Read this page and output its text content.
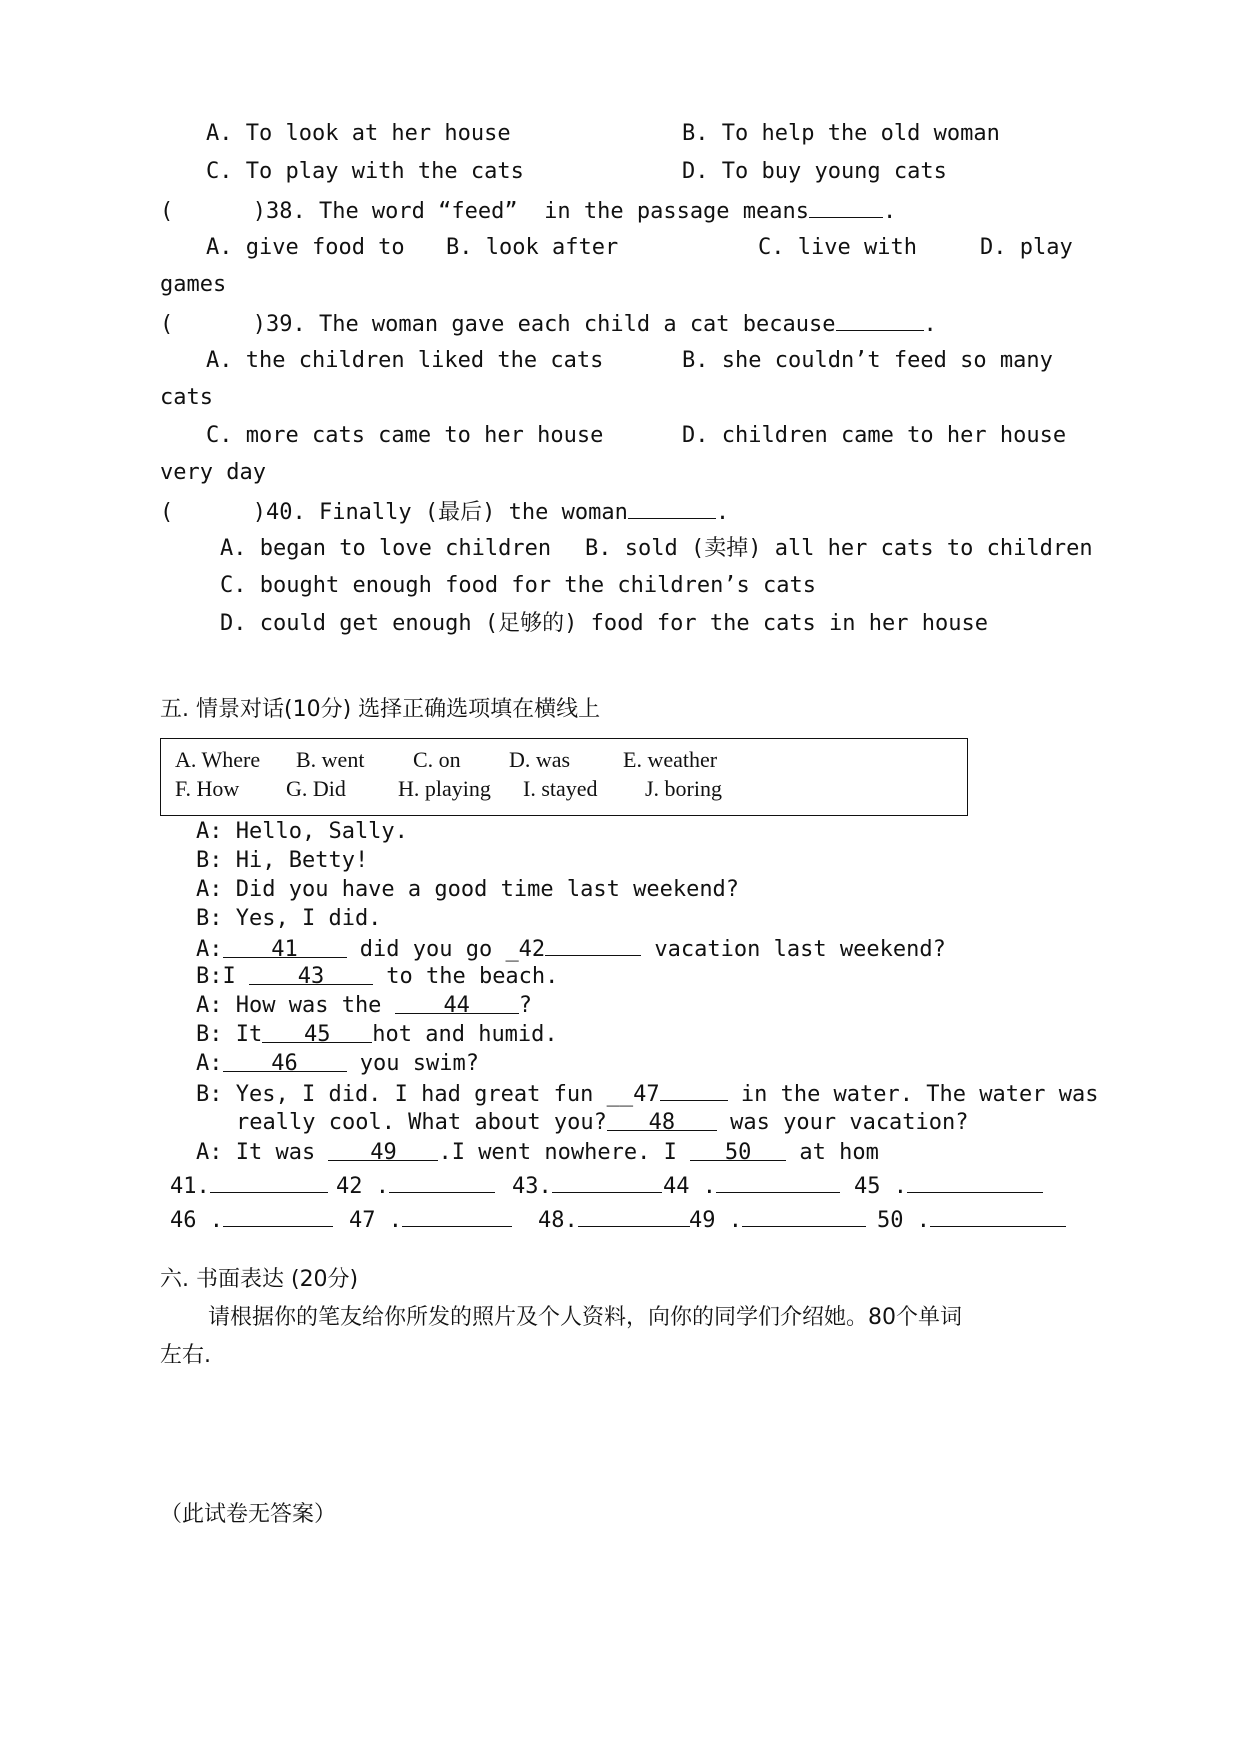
A. To look at her house	B. To help the old woman
C. To play with the cats	D. To buy young cats
(      )38. The word “feed”  in the passage means	.
A. give food to B. look after	C. live with	D. play
games
(      )39. The woman gave each child a cat because	.
A. the children liked the cats	B. she couldn’t feed so many
cats
C. more cats came to her house	D. children came to her house
very day
(      )40. Finally (最后) the woman	.
A. began to love children B. sold (卖掉) all her cats to children
C. bought enough food for the children’s cats
D. could get enough (足够的) food for the cats in her house
五. 情景对话(10分) 选择正确选项填在横线上
A. Where B. went C. on D. was E. weather
F. How G. Did H. playing I. stayed J. boring
A: Hello, Sally.
B: Hi, Betty!
A: Did you have a good time last weekend?
B: Yes, I did.
A: 41 did you go _42	vacation last weekend?
B:I 43 to the beach.
A: How was the 44 ?
B: It 45 hot and humid.
A: 46 you swim?
B: Yes, I did. I had great fun __47	in the water. The water was
really cool. What about you? 48 was your vacation?
A: It was 49 .I went nowhere. I 50 at hom
41.	42 .	43.	44 .	45 .
46 .	47 .	48.	49 .	50 .
六. 书面表达 (20分)
请根据你的笔友给你所发的照片及个人资料，向你的同学们介绍她。80个单词
左右.
（此试卷无答案）
